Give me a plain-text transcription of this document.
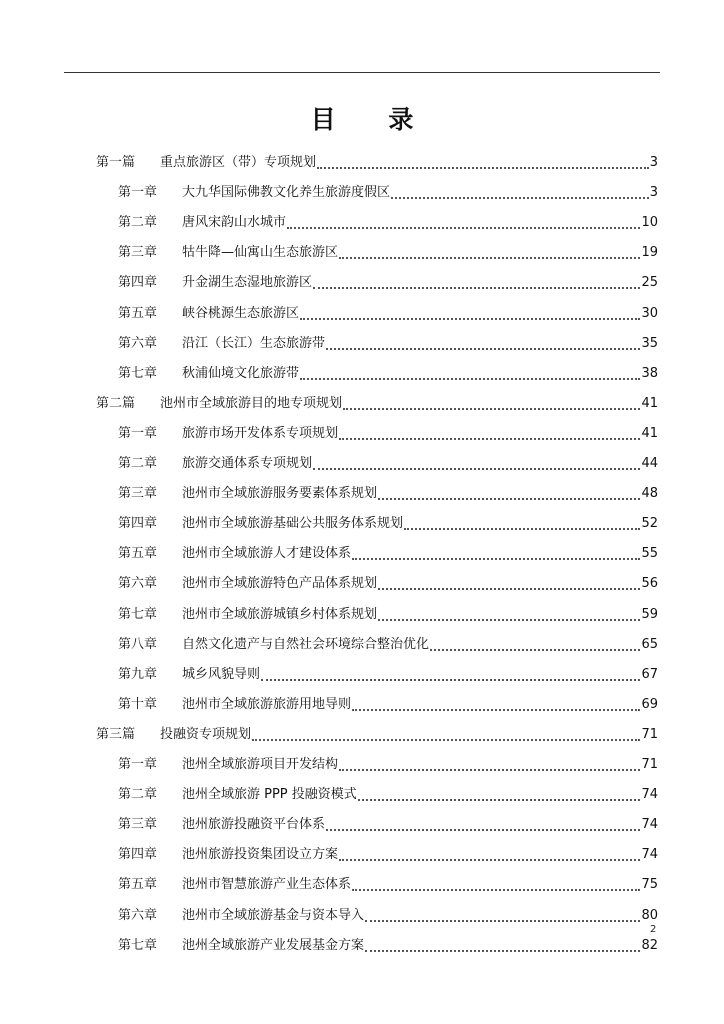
目 录
第一篇	重点旅游区（带）专项规划	3
第一章	大九华国际佛教文化养生旅游度假区	3
第二章	唐风宋韵山水城市	10
第三章	牯牛降—仙寓山生态旅游区	19
第四章	升金湖生态湿地旅游区	25
第五章	峡谷桃源生态旅游区	30
第六章	沿江（长江）生态旅游带	35
第七章	秋浦仙境文化旅游带	38
第二篇	池州市全域旅游目的地专项规划	41
第一章	旅游市场开发体系专项规划	41
第二章	旅游交通体系专项规划	44
第三章	池州市全域旅游服务要素体系规划	48
第四章	池州市全域旅游基础公共服务体系规划	52
第五章	池州市全域旅游人才建设体系	55
第六章	池州市全域旅游特色产品体系规划	56
第七章	池州市全域旅游城镇乡村体系规划	59
第八章	自然文化遗产与自然社会环境综合整治优化	65
第九章	城乡风貌导则	67
第十章	池州市全域旅游旅游用地导则	69
第三篇	投融资专项规划	71
第一章	池州全域旅游项目开发结构	71
第二章	池州全域旅游 PPP 投融资模式	74
第三章	池州旅游投融资平台体系	74
第四章	池州旅游投资集团设立方案	74
第五章	池州市智慧旅游产业生态体系	75
第六章	池州市全域旅游基金与资本导入	80
第七章	池州全域旅游产业发展基金方案	82
2
